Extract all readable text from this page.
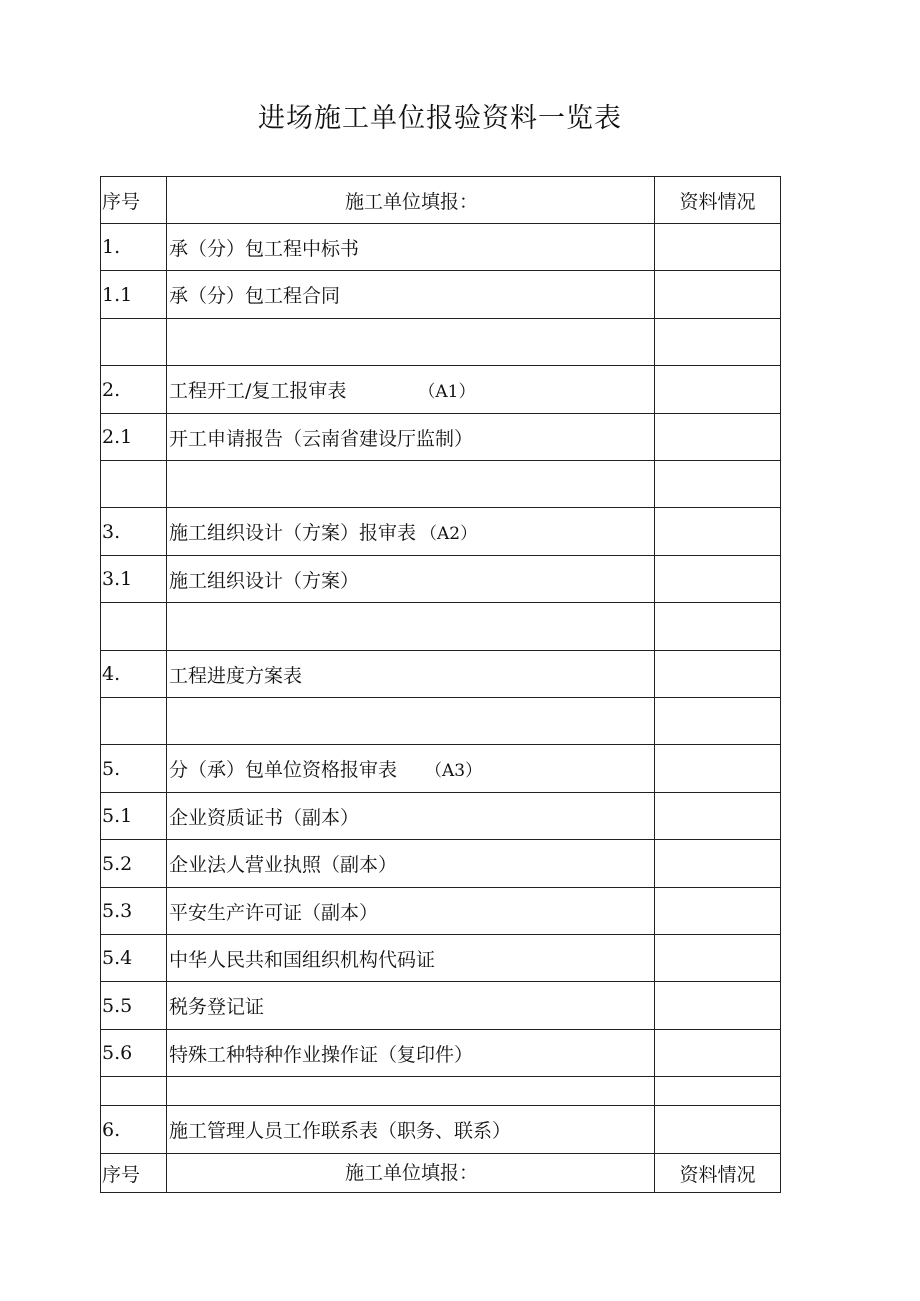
进场施工单位报验资料一览表
序号	施工单位填报：	资料情况
1.	承（分）包工程中标书	
1.1	承（分）包工程合同	

2.	工程开工/复工报审表 （A1）	
2.1	开工申请报告（云南省建设厅监制）	

3.	施工组织设计（方案）报审表 （A2）	
3.1	施工组织设计（方案）	

4.	工程进度方案表	

5.	分（承）包单位资格报审表 （A3）	
5.1	企业资质证书（副本）	
5.2	企业法人营业执照（副本）	
5.3	平安生产许可证（副本）	
5.4	中华人民共和国组织机构代码证	
5.5	税务登记证	
5.6	特殊工种特种作业操作证（复印件）	

6.	施工管理人员工作联系表（职务、联系）	
序号	施工单位填报：	资料情况
